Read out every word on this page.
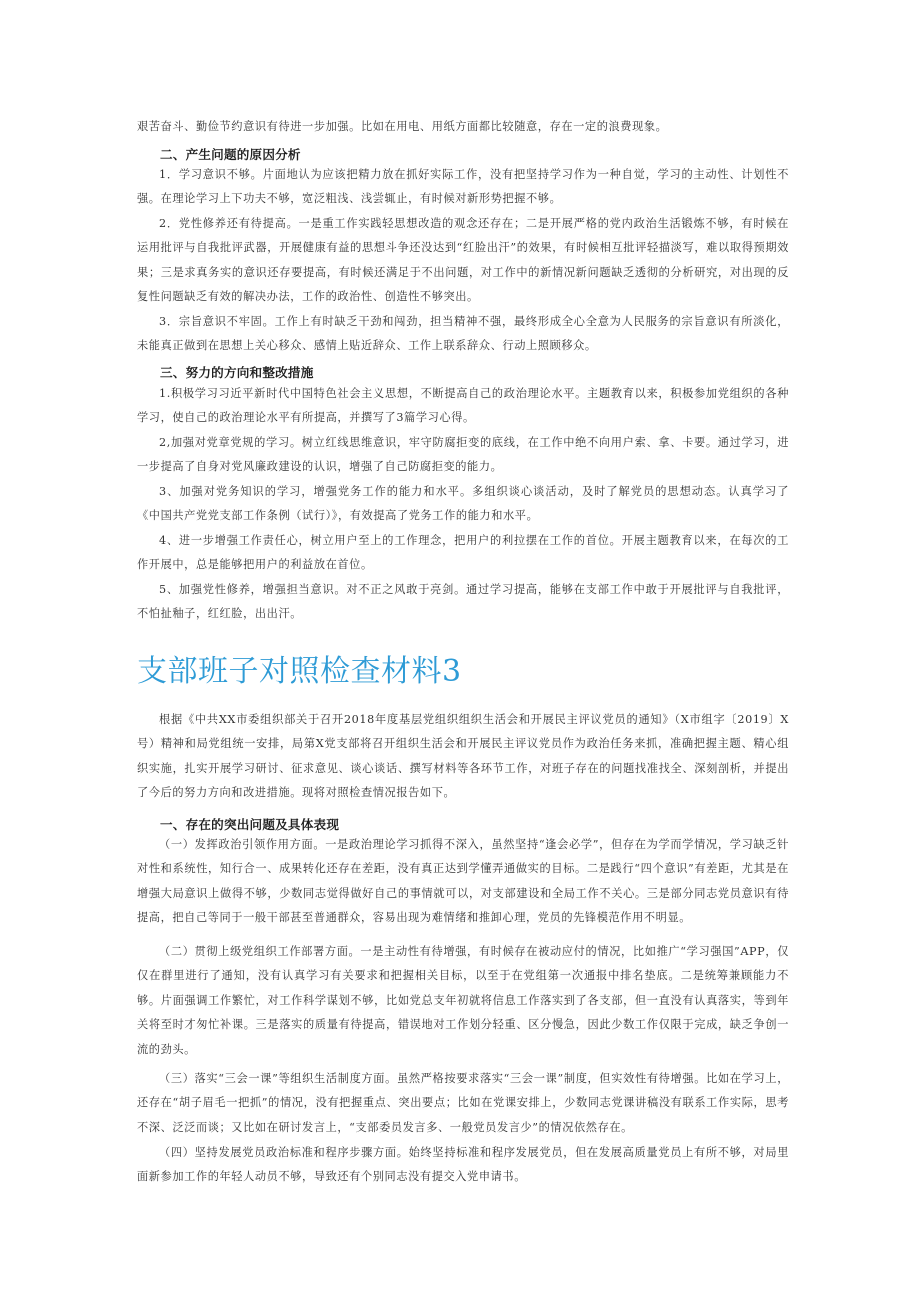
艰苦奋斗、勤俭节约意识有待进一步加强。比如在用电、用纸方面都比较随意，存在一定的浪费现象。

二、产生问题的原因分析

1．学习意识不够。片面地认为应该把精力放在抓好实际工作，没有把坚持学习作为一种自觉，学习的主动性、计划性不强。在理论学习上下功夫不够，宽泛粗浅、浅尝辄止，有时候对新形势把握不够。

2．党性修养还有待提高。一是重工作实践轻思想改造的观念还存在；二是开展严格的党内政治生活锻炼不够，有时候在运用批评与自我批评武器，开展健康有益的思想斗争还没达到“红脸出汗”的效果，有时候相互批评轻描淡写，难以取得预期效果；三是求真务实的意识还存要提高，有时候还满足于不出问题，对工作中的新情况新问题缺乏透彻的分析研究，对出现的反复性问题缺乏有效的解决办法，工作的政治性、创造性不够突出。

3．宗旨意识不牢固。工作上有时缺乏干劲和闯劲，担当精神不强，最终形成全心全意为人民服务的宗旨意识有所淡化，未能真正做到在思想上关心移众、感情上贴近辞众、工作上联系辞众、行动上照顾移众。

三、努力的方向和整改措施

1.积极学习习近平新时代中国特色社会主义思想，不断提高自己的政治理论水平。主题教育以来，积极参加党组织的各种学习，使自己的政治理论水平有所提高，并撰写了3篇学习心得。

2,加强对党章党规的学习。树立红线思维意识，牢守防腐拒变的底线，在工作中绝不向用户索、拿、卡要。通过学习，进一步提高了自身对党风廉政建设的认识，增强了自己防腐拒变的能力。

3、加强对党务知识的学习，增强党务工作的能力和水平。多组织谈心谈活动，及时了解党员的思想动态。认真学习了《中国共产党党支部工作条例（试行）》，有效提高了党务工作的能力和水平。

4、进一步增强工作责任心，树立用户至上的工作理念，把用户的利拉摆在工作的首位。开展主题教育以来，在每次的工作开展中，总是能够把用户的利益放在首位。

5、加强党性修养，增强担当意识。对不正之风敢于亮剑。通过学习提高，能够在支部工作中敢于开展批评与自我批评，不怕扯釉子，红红脸，出出汗。

支部班子对照检查材料3

根据《中共XX市委组织部关于召开2018年度基层党组织组织生活会和开展民主评议党员的通知》（X市组字〔2019〕X号）精神和局党组统一安排，局第X党支部将召开组织生活会和开展民主评议党员作为政治任务来抓，准确把握主题、精心组织实施，扎实开展学习研讨、征求意见、谈心谈话、撰写材料等各环节工作，对班子存在的问题找准找全、深刻剖析，并提出了今后的努力方向和改进措施。现将对照检查情况报告如下。

一、存在的突出问题及具体表现

（一）发挥政治引领作用方面。一是政治理论学习抓得不深入，虽然坚持“逢会必学”，但存在为学而学情况，学习缺乏针对性和系统性，知行合一、成果转化还存在差距，没有真正达到学懂弄通做实的目标。二是践行“四个意识”有差距，尤其是在增强大局意识上做得不够，少数同志觉得做好自己的事情就可以，对支部建设和全局工作不关心。三是部分同志党员意识有待提高，把自己等同于一般干部甚至普通群众，容易出现为难情绪和推卸心理，党员的先锋模范作用不明显。

（二）贯彻上级党组织工作部署方面。一是主动性有待增强，有时候存在被动应付的情况，比如推广“学习强国”APP，仅仅在群里进行了通知，没有认真学习有关要求和把握相关目标，以至于在党组第一次通报中排名垫底。二是统筹兼顾能力不够。片面强调工作繁忙，对工作科学谋划不够，比如党总支年初就将信息工作落实到了各支部，但一直没有认真落实，等到年关将至时才匆忙补课。三是落实的质量有待提高，错误地对工作划分轻重、区分慢急，因此少数工作仅限于完成，缺乏争创一流的劲头。

（三）落实“三会一课”等组织生活制度方面。虽然严格按要求落实“三会一课”制度，但实效性有待增强。比如在学习上，还存在“胡子眉毛一把抓”的情况，没有把握重点、突出要点；比如在党课安排上，少数同志党课讲稿没有联系工作实际，思考不深、泛泛而谈；又比如在研讨发言上，“支部委员发言多、一般党员发言少”的情况依然存在。

（四）坚持发展党员政治标准和程序步骤方面。始终坚持标准和程序发展党员，但在发展高质量党员上有所不够，对局里面新参加工作的年轻人动员不够，导致还有个别同志没有提交入党申请书。
